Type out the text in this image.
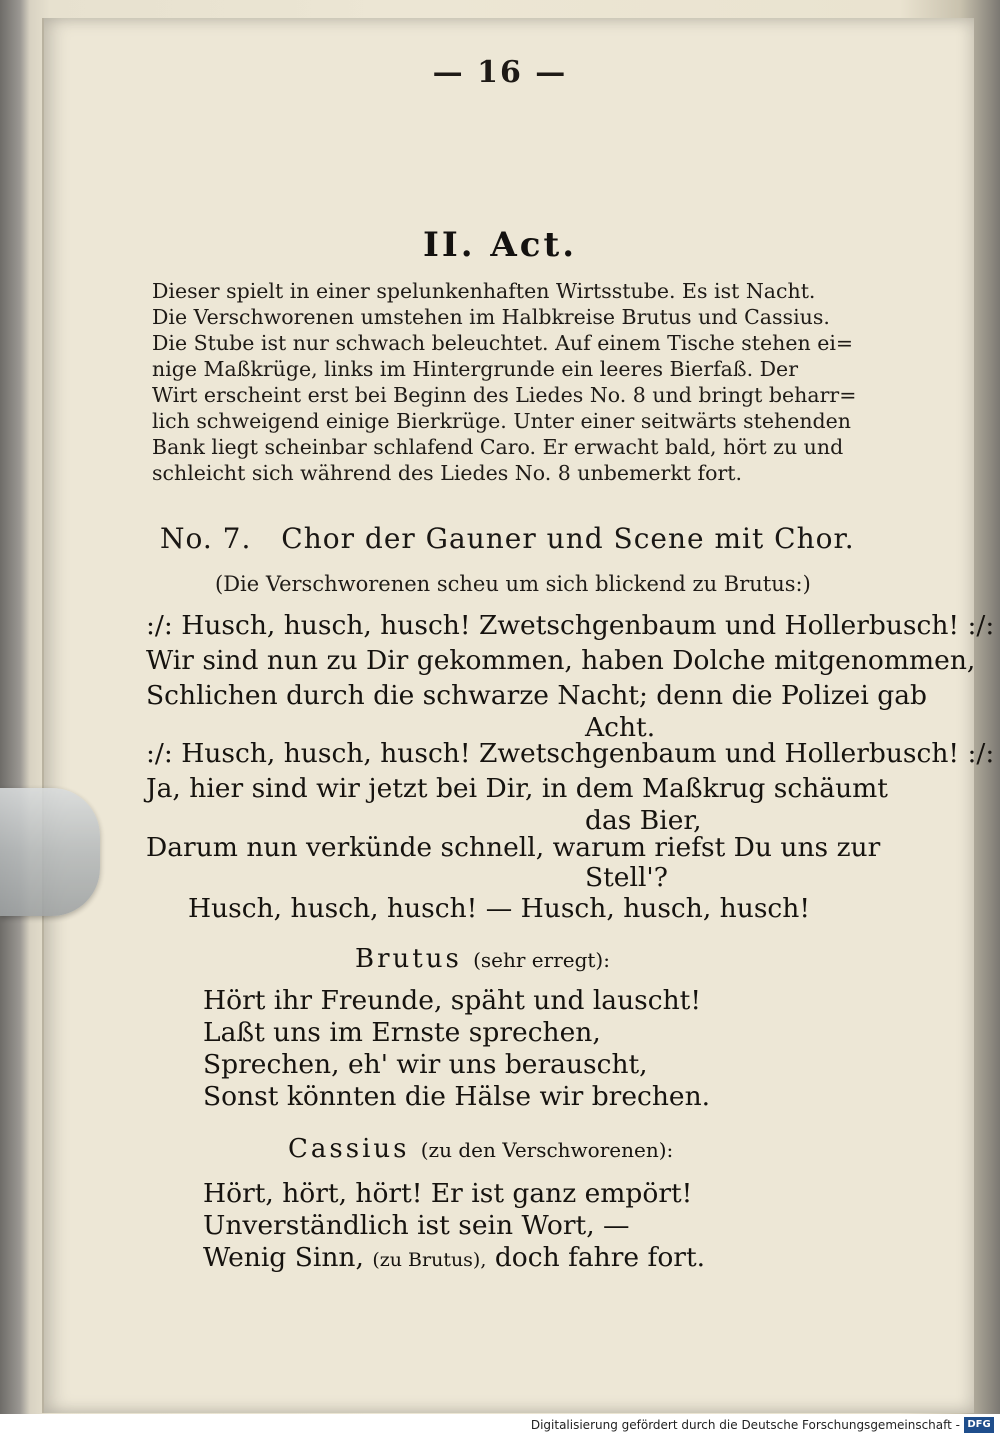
— 16 —
II. Act.
Dieser spielt in einer spelunkenhaften Wirtsstube. Es ist Nacht.
Die Verschworenen umstehen im Halbkreise Brutus und Cassius.
Die Stube ist nur schwach beleuchtet. Auf einem Tische stehen ei=
nige Maßkrüge, links im Hintergrunde ein leeres Bierfaß. Der
Wirt erscheint erst bei Beginn des Liedes No. 8 und bringt beharr=
lich schweigend einige Bierkrüge. Unter einer seitwärts stehenden
Bank liegt scheinbar schlafend Caro. Er erwacht bald, hört zu und
schleicht sich während des Liedes No. 8 unbemerkt fort.
No. 7. Chor der Gauner und Scene mit Chor.
(Die Verschworenen scheu um sich blickend zu Brutus:)
:/: Husch, husch, husch! Zwetschgenbaum und Hollerbusch! :/:
Wir sind nun zu Dir gekommen, haben Dolche mitgenommen,
Schlichen durch die schwarze Nacht; denn die Polizei gab
Acht.
:/: Husch, husch, husch! Zwetschgenbaum und Hollerbusch! :/:
Ja, hier sind wir jetzt bei Dir, in dem Maßkrug schäumt
das Bier,
Darum nun verkünde schnell, warum riefst Du uns zur
Stell'?
Husch, husch, husch! — Husch, husch, husch!
Brutus (sehr erregt):
Hört ihr Freunde, späht und lauscht!
Laßt uns im Ernste sprechen,
Sprechen, eh' wir uns berauscht,
Sonst könnten die Hälse wir brechen.
Cassius (zu den Verschworenen):
Hört, hört, hört! Er ist ganz empört!
Unverständlich ist sein Wort, —
Wenig Sinn, (zu Brutus), doch fahre fort.
Digitalisierung gefördert durch die Deutsche Forschungsgemeinschaft - DFG
